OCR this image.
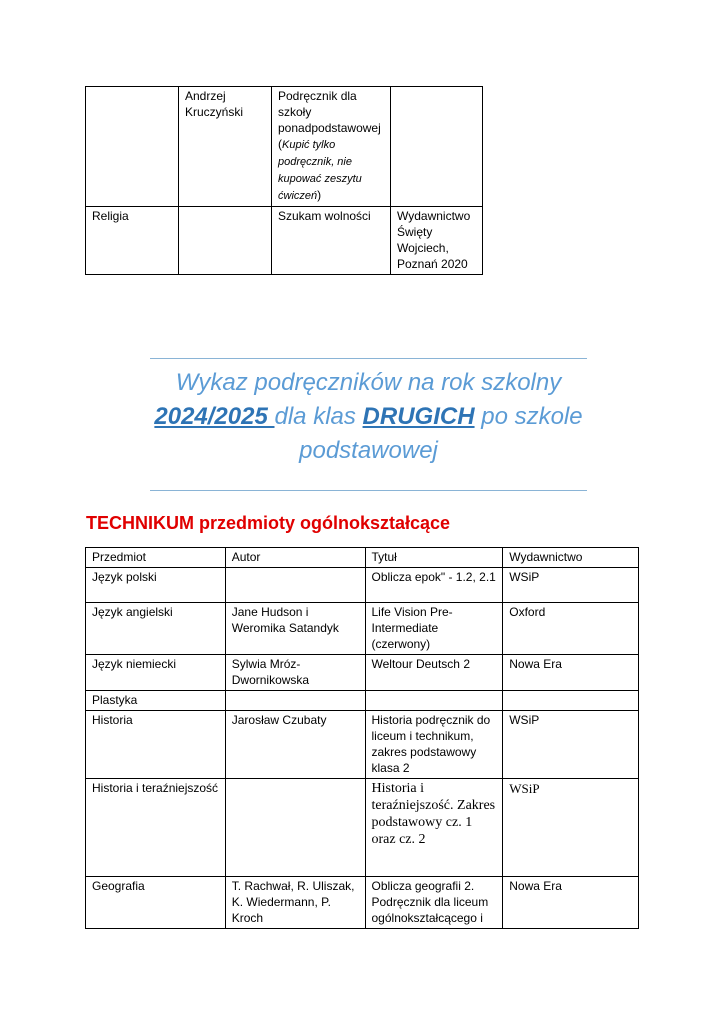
	Andrzej Kruczyński	Podręcznik dla szkoły ponadpodstawowej
(Kupić tylko podręcznik, nie kupować zeszytu ćwiczeń)	

Religia		Szukam wolności	Wydawnictwo Święty Wojciech, Poznań 2020
Wykaz podręczników na rok szkolny
2024/2025 dla klas DRUGICH po szkole podstawowej
TECHNIKUM przedmioty ogólnokształcące
Przedmiot	Autor	Tytuł	Wydawnictwo
Język polski		Oblicza epok" - 1.2, 2.1	WSiP
Język angielski	Jane Hudson i Weromika Satandyk	Life Vision Pre-Intermediate (czerwony)	Oxford
Język niemiecki	Sylwia Mróz-Dwornikowska	Weltour Deutsch 2	Nowa Era
Plastyka			
Historia	Jarosław Czubaty	Historia podręcznik do liceum i technikum, zakres podstawowy klasa 2	WSiP
Historia i teraźniejszość		Historia i teraźniejszość. Zakres podstawowy cz. 1 oraz cz. 2	WSiP
Geografia	T. Rachwał, R. Uliszak, K. Wiedermann, P. Kroch	Oblicza geografii 2. Podręcznik dla liceum ogólnokształcącego i	Nowa Era
